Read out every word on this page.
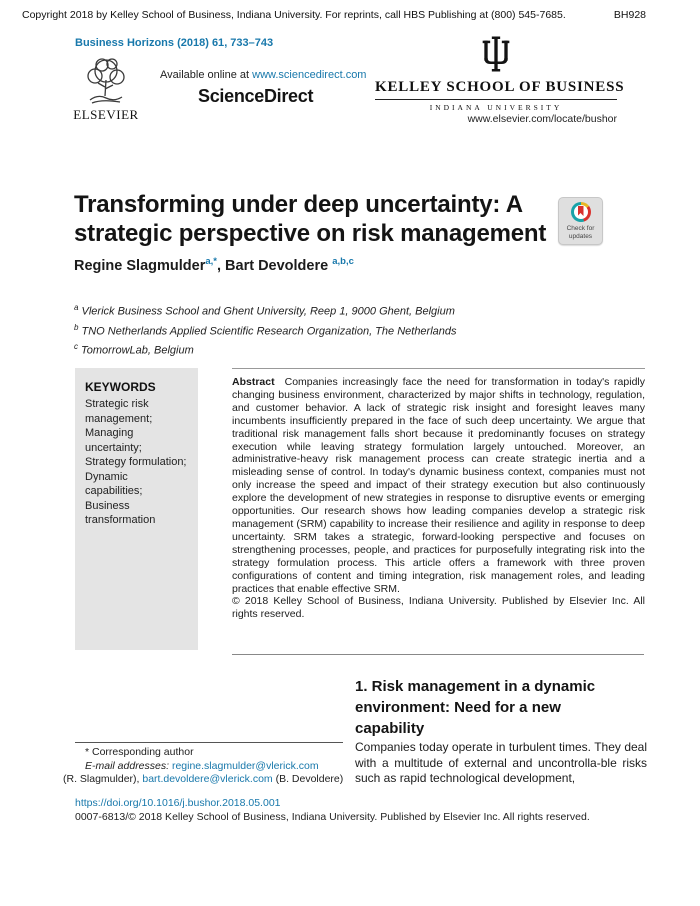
Copyright 2018 by Kelley School of Business, Indiana University. For reprints, call HBS Publishing at (800) 545-7685.	BH928
Business Horizons (2018) 61, 733–743
ELSEVIER
Available online at www.sciencedirect.com
ScienceDirect	KELLEY SCHOOL OF BUSINESS
INDIANA UNIVERSITY
www.elsevier.com/locate/bushor
Transforming under deep uncertainty: A strategic perspective on risk management	Check for
updates
Regine Slagmulder$^{a,*}$, Bart Devoldere $^{a,b,c}$
$^a$ Vlerick Business School and Ghent University, Reep 1, 9000 Ghent, Belgium
$^b$ TNO Netherlands Applied Scientific Research Organization, The Netherlands
$^c$ TomorrowLab, Belgium
KEYWORDS
Strategic risk
management;
Managing uncertainty;
Strategy formulation;
Dynamic capabilities;
Business
transformation
Abstract Companies increasingly face the need for transformation in today's rapidly changing business environment, characterized by major shifts in technology, regulation, and customer behavior. A lack of strategic risk insight and foresight leaves many incumbents insufficiently prepared in the face of such deep uncertainty. We argue that traditional risk management falls short because it predominantly focuses on strategy execution while leaving strategy formulation largely untouched. Moreover, an administrative-heavy risk management process can create strategic inertia and a misleading sense of control. In today's dynamic business context, companies must not only increase the speed and impact of their strategy execution but also continuously explore the development of new strategies in response to disruptive events or emerging opportunities. Our research shows how leading companies develop a strategic risk management (SRM) capability to increase their resilience and agility in response to deep uncertainty. SRM takes a strategic, forward-looking perspective and focuses on strengthening processes, people, and practices for purposefully integrating risk into the strategy formulation process. This article offers a framework with three proven configurations of content and timing integration, risk management roles, and leading practices that enable effective SRM.
© 2018 Kelley School of Business, Indiana University. Published by Elsevier Inc. All rights reserved.
1. Risk management in a dynamic environment: Need for a new capability

Companies today operate in turbulent times. They deal with a multitude of external and uncontrolla-ble risks such as rapid technological development,

* Corresponding author
E-mail addresses: regine.slagmulder@vlerick.com
(R. Slagmulder), bart.devoldere@vlerick.com (B. Devoldere)
https://doi.org/10.1016/j.bushor.2018.05.001
0007-6813/© 2018 Kelley School of Business, Indiana University. Published by Elsevier Inc. All rights reserved.
